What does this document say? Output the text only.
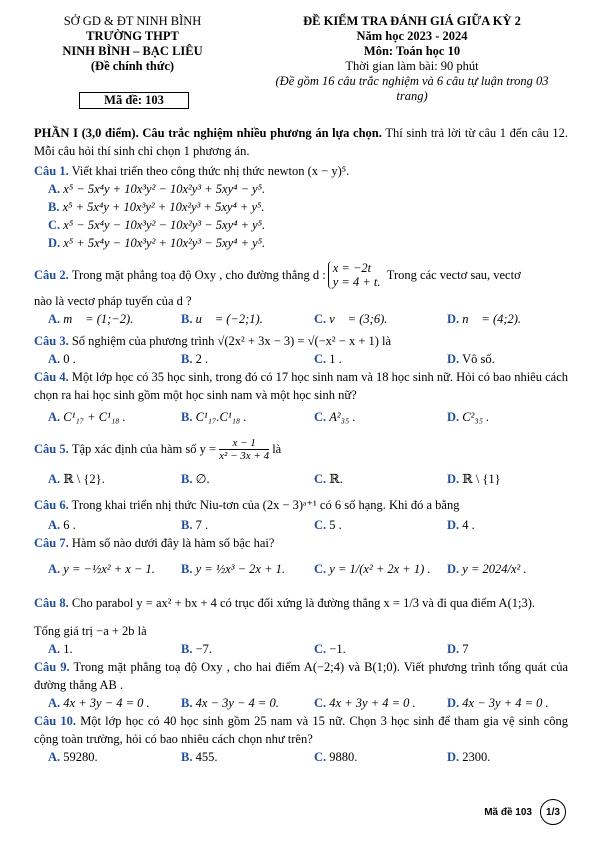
SỞ GD & ĐT NINH BÌNH
TRƯỜNG THPT
NINH BÌNH – BẠC LIÊU
(Đề chính thức)
ĐỀ KIỂM TRA ĐÁNH GIÁ GIỮA KỲ 2
Năm học 2023 - 2024
Môn: Toán học 10
Thời gian làm bài: 90 phút
(Đề gồm 16 câu trắc nghiệm và 6 câu tự luận trong 03 trang)
Mã đề: 103
PHẦN I (3,0 điểm). Câu trắc nghiệm nhiều phương án lựa chọn. Thí sinh trả lời từ câu 1 đến câu 12. Mỗi câu hỏi thí sinh chỉ chọn 1 phương án.
Câu 1. Viết khai triển theo công thức nhị thức newton (x − y)⁵.
A. x⁵ − 5x⁴y + 10x³y² − 10x²y³ + 5xy⁴ − y⁵.
B. x⁵ + 5x⁴y + 10x³y² + 10x²y³ + 5xy⁴ + y⁵.
C. x⁵ − 5x⁴y − 10x³y² − 10x²y³ − 5xy⁴ + y⁵.
D. x⁵ + 5x⁴y − 10x³y² + 10x²y³ − 5xy⁴ + y⁵.
Câu 2.
Trong mặt phẳng toạ độ Oxy , cho đường thẳng d : x = −2t
y = 4 + t.
Trong các vectơ sau, vectơ
nào là vectơ pháp tuyến của d ?
A. m⃗ = (1;−2).	B. u⃗ = (−2;1).	C. v⃗ = (3;6).	D. n⃗ = (4;2).
Câu 3. Số nghiệm của phương trình √(2x² + 3x − 3) = √(−x² − x + 1) là
A. 0 .	B. 2 .	C. 1 .	D. Vô số.
Câu 4. Một lớp học có 35 học sinh, trong đó có 17 học sinh nam và 18 học sinh nữ. Hỏi có bao nhiêu cách chọn ra hai học sinh gồm một học sinh nam và một học sinh nữ?
A. C¹₁₇ + C¹₁₈ .	B. C¹₁₇.C¹₁₈ .	C. A²₃₅ .	D. C²₃₅ .
Câu 5.
Tập xác định của hàm số y =
$\frac{x - 1}{\text{x² − 3x + 4}}$
là
A. ℝ \ {2}.	B. ∅.	C. ℝ.	D. ℝ \ {1}
Câu 6. Trong khai triển nhị thức Niu-tơn của (2x − 3)ᵃ⁺¹ có 6 số hạng. Khi đó a bằng
A. 6 .	B. 7 .	C. 5 .	D. 4 .
Câu 7. Hàm số nào dưới đây là hàm số bậc hai?
A. y = −½x² + x − 1. B. y = ½x³ − 2x + 1. C. y = 1/(x² + 2x + 1) . D. y = 2024/x² .
Câu 8. Cho parabol y = ax² + bx + 4 có trục đối xứng là đường thẳng x = 1/3 và đi qua điểm A(1;3).
Tổng giá trị −a + 2b là
A. 1.	B. −7.	C. −1.	D. 7
Câu 9. Trong mặt phẳng toạ độ Oxy , cho hai điểm A(−2;4) và B(1;0). Viết phương trình tổng quát của đường thẳng AB .
A. 4x + 3y − 4 = 0 .	B. 4x − 3y − 4 = 0.	C. 4x + 3y + 4 = 0 .	D. 4x − 3y + 4 = 0 .
Câu 10. Một lớp học có 40 học sinh gồm 25 nam và 15 nữ. Chọn 3 học sinh để tham gia vệ sinh công cộng toàn trường, hỏi có bao nhiêu cách chọn như trên?
A. 59280.	B. 455.	C. 9880.	D. 2300.
Mã đề 103	1/3
